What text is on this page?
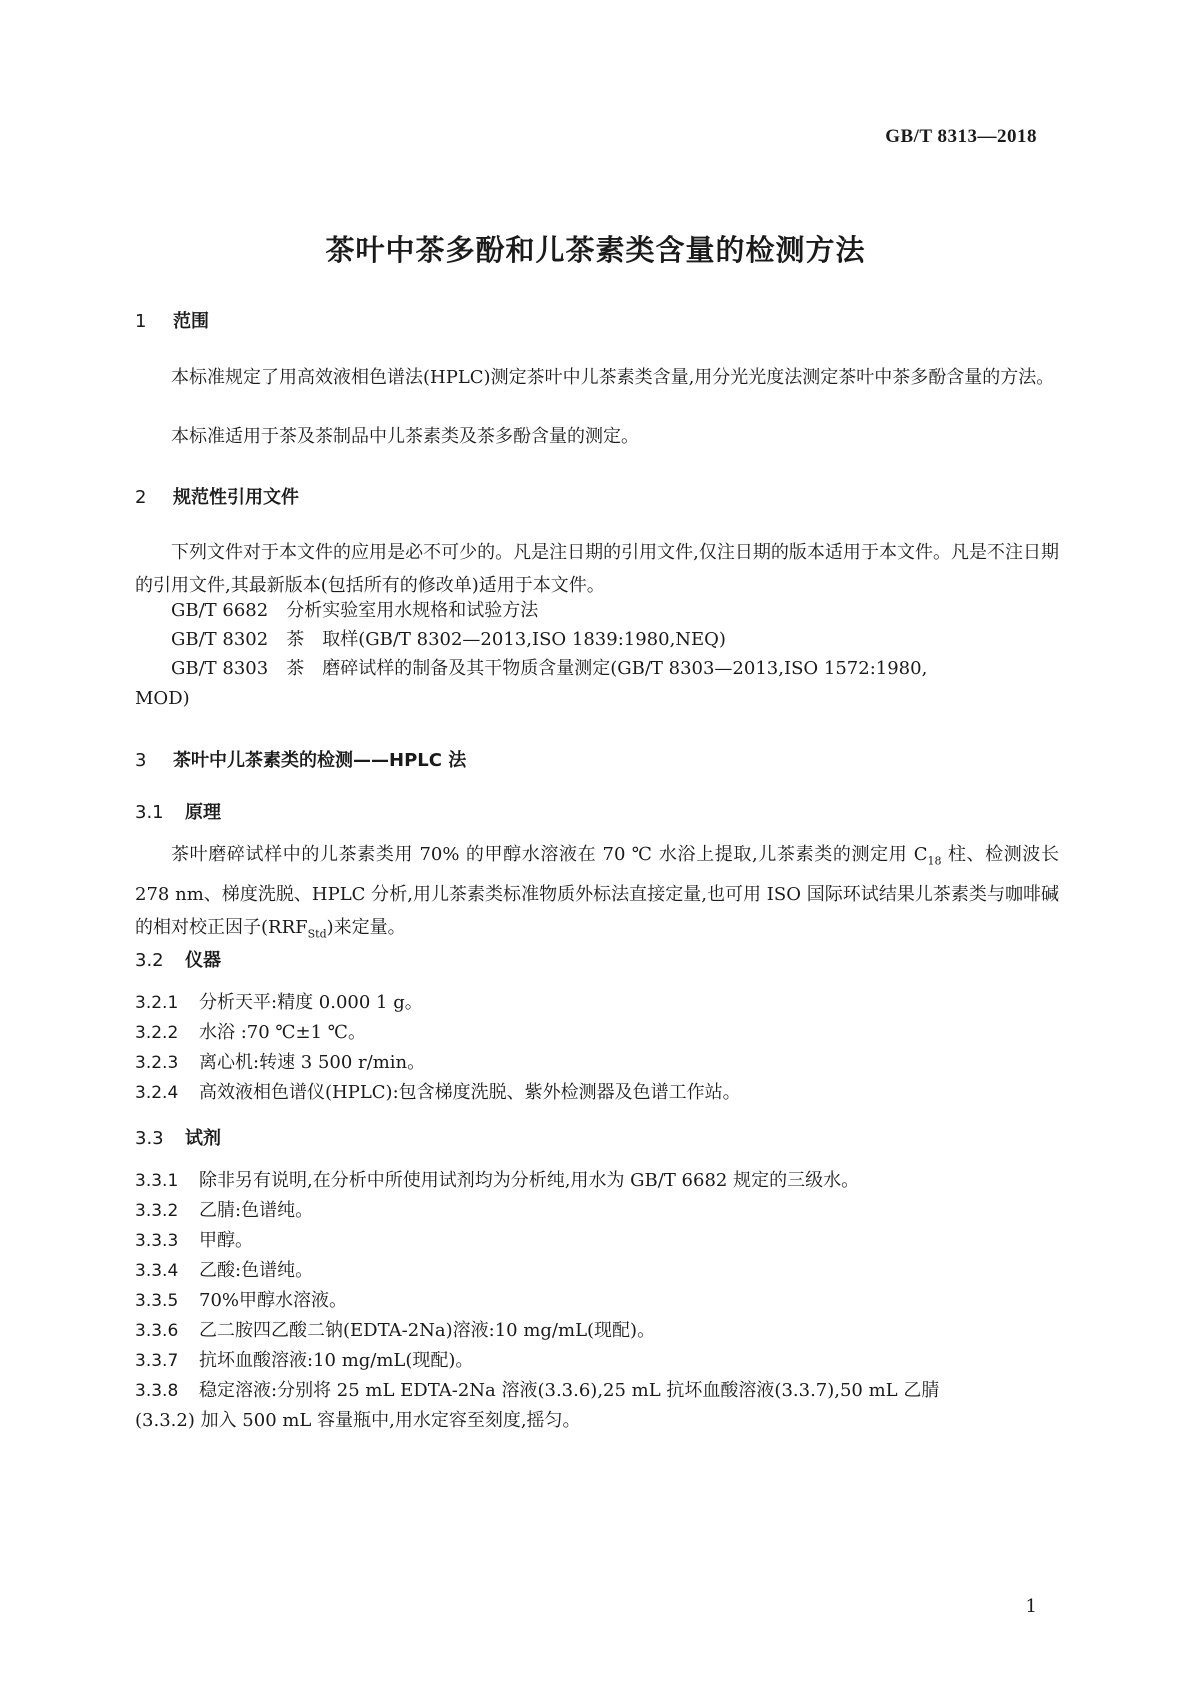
GB/T 8313—2018
茶叶中茶多酚和儿茶素类含量的检测方法
1 范围
本标准规定了用高效液相色谱法(HPLC)测定茶叶中儿茶素类含量,用分光光度法测定茶叶中茶多酚含量的方法。
本标准适用于茶及茶制品中儿茶素类及茶多酚含量的测定。
2 规范性引用文件
下列文件对于本文件的应用是必不可少的。凡是注日期的引用文件,仅注日期的版本适用于本文件。凡是不注日期的引用文件,其最新版本(包括所有的修改单)适用于本文件。
GB/T 6682　分析实验室用水规格和试验方法
GB/T 8302　茶　取样(GB/T 8302—2013,ISO 1839:1980,NEQ)
GB/T 8303　茶　磨碎试样的制备及其干物质含量测定(GB/T 8303—2013,ISO 1572:1980,
MOD)
3 茶叶中儿茶素类的检测——HPLC 法
3.1 原理
茶叶磨碎试样中的儿茶素类用 70% 的甲醇水溶液在 70 ℃ 水浴上提取,儿茶素类的测定用 $C_{18}$ 柱、检测波长 278 nm、梯度洗脱、HPLC 分析,用儿茶素类标准物质外标法直接定量,也可用 ISO 国际环试结果儿茶素类与咖啡碱的相对校正因子$(RRF_{Std})$来定量。
3.2 仪器
3.2.1 分析天平:精度 0.000 1 g。
3.2.2 水浴 :70 ℃±1 ℃。
3.2.3 离心机:转速 3 500 r/min。
3.2.4 高效液相色谱仪(HPLC):包含梯度洗脱、紫外检测器及色谱工作站。
3.3 试剂
3.3.1 除非另有说明,在分析中所使用试剂均为分析纯,用水为 GB/T 6682 规定的三级水。
3.3.2 乙腈:色谱纯。
3.3.3 甲醇。
3.3.4 乙酸:色谱纯。
3.3.5 70%甲醇水溶液。
3.3.6 乙二胺四乙酸二钠(EDTA-2Na)溶液:10 mg/mL(现配)。
3.3.7 抗坏血酸溶液:10 mg/mL(现配)。
3.3.8 稳定溶液:分别将 25 mL EDTA-2Na 溶液(3.3.6),25 mL 抗坏血酸溶液(3.3.7),50 mL 乙腈
(3.3.2) 加入 500 mL 容量瓶中,用水定容至刻度,摇匀。
1
